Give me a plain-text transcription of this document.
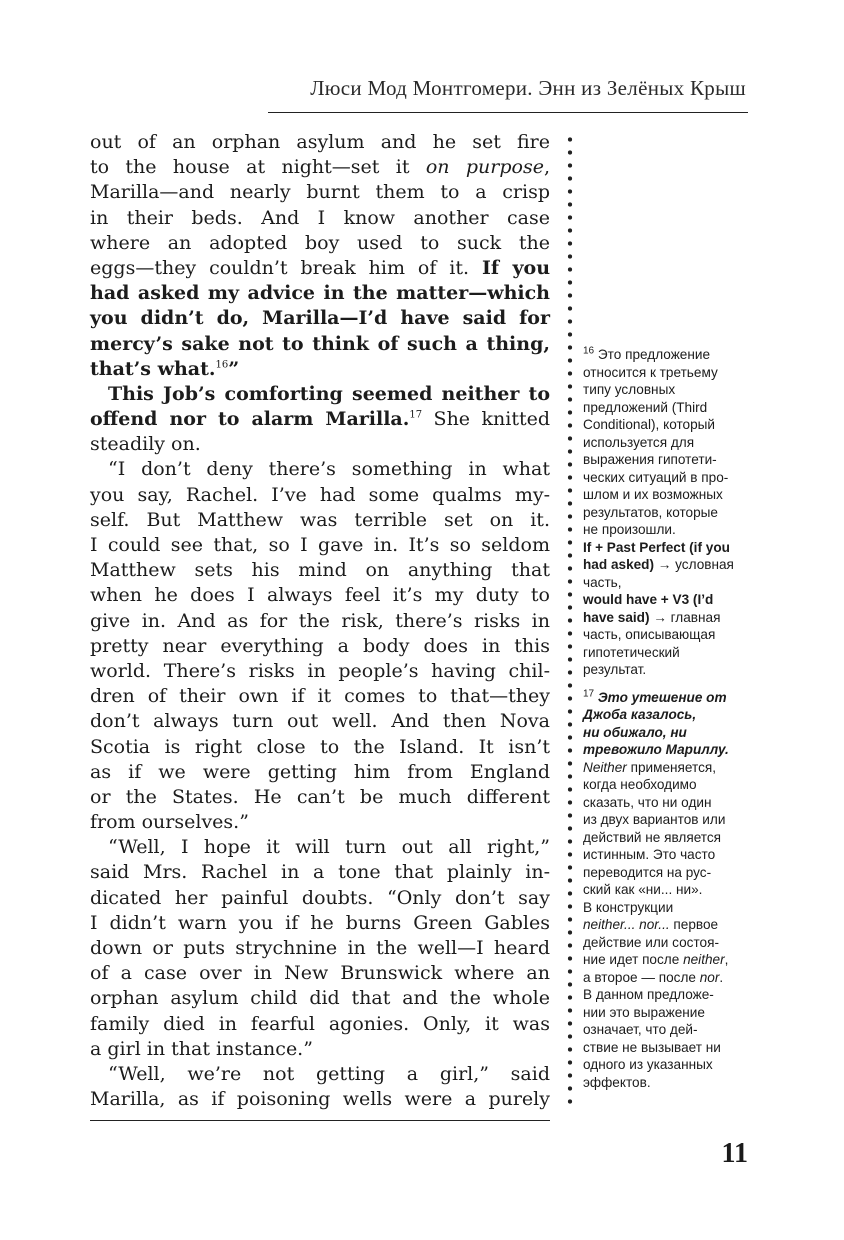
Люси Мод Монтгомери. Энн из Зелёных Крыш
out of an orphan asylum and he set fire
to the house at night—set it on purpose,
Marilla—and nearly burnt them to a crisp
in their beds. And I know another case
where an adopted boy used to suck the
eggs—they couldn’t break him of it. If you
had asked my advice in the matter—which
you didn’t do, Marilla—I’d have said for
mercy’s sake not to think of such a thing,
that’s what.$^{16}$”
This Job’s comforting seemed neither to
offend nor to alarm Marilla.$^{17}$ She knitted
steadily on.
“I don’t deny there’s something in what
you say, Rachel. I’ve had some qualms my-
self. But Matthew was terrible set on it.
I could see that, so I gave in. It’s so seldom
Matthew sets his mind on anything that
when he does I always feel it’s my duty to
give in. And as for the risk, there’s risks in
pretty near everything a body does in this
world. There’s risks in people’s having chil-
dren of their own if it comes to that—they
don’t always turn out well. And then Nova
Scotia is right close to the Island. It isn’t
as if we were getting him from England
or the States. He can’t be much different
from ourselves.”
“Well, I hope it will turn out all right,”
said Mrs. Rachel in a tone that plainly in-
dicated her painful doubts. “Only don’t say
I didn’t warn you if he burns Green Gables
down or puts strychnine in the well—I heard
of a case over in New Brunswick where an
orphan asylum child did that and the whole
family died in fearful agonies. Only, it was
a girl in that instance.”
“Well, we’re not getting a girl,” said
Marilla, as if poisoning wells were a purely
$^{16}$ Это предложение
относится к третьему
типу условных
предложений (Third
Conditional), который
используется для
выражения гипотети-
ческих ситуаций в про-
шлом и их возможных
результатов, которые
не произошли.
If + Past Perfect (if you
had asked) → условная
часть,
would have + V3 (I’d
have said) → главная
часть, описывающая
гипотетический
результат.
$^{17}$ Это утешение от
Джоба казалось,
ни обижало, ни
тревожило Мариллу.
Neither применяется,
когда необходимо
сказать, что ни один
из двух вариантов или
действий не является
истинным. Это часто
переводится на рус-
ский как «ни... ни».
В конструкции
neither... nor... первое
действие или состоя-
ние идет после neither,
а второе — после nor.
В данном предложе-
нии это выражение
означает, что дей-
ствие не вызывает ни
одного из указанных
эффектов.
11
